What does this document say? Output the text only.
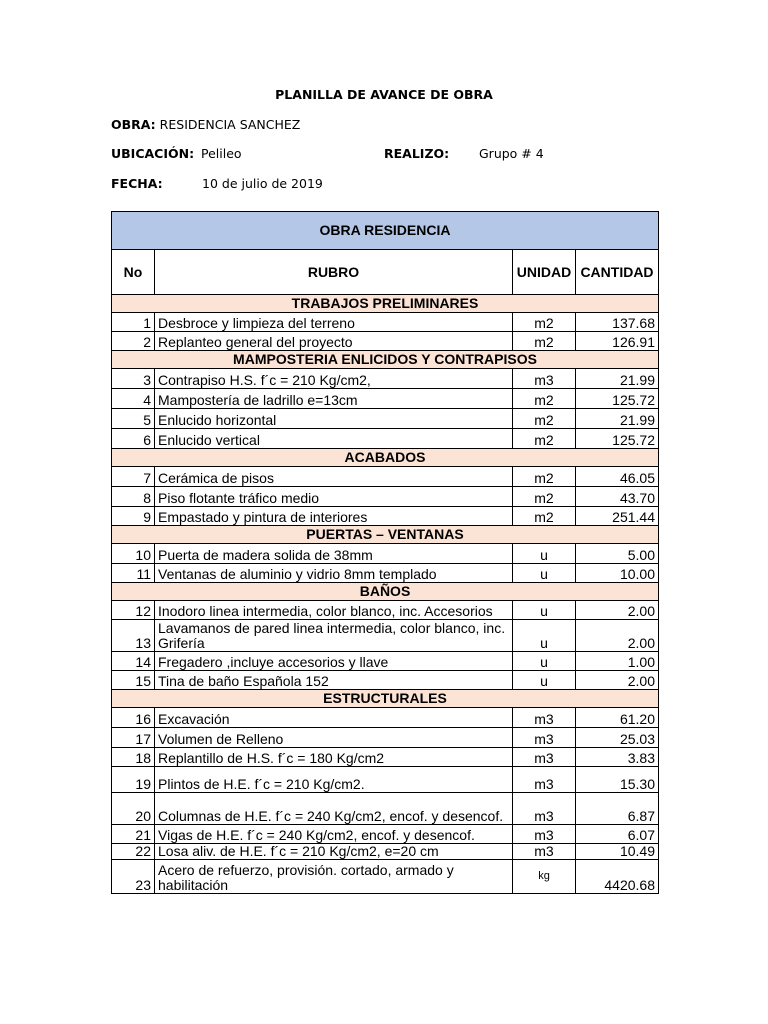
PLANILLA DE AVANCE DE OBRA
OBRA: RESIDENCIA SANCHEZ
UBICACIÓN: Pelileo	REALIZO: Grupo # 4
FECHA:	10 de julio de 2019
OBRA RESIDENCIA			
No	RUBRO	UNIDAD	CANTIDAD
TRABAJOS PRELIMINARES			
1	Desbroce y limpieza del terreno	m2	137.68
2	Replanteo general del proyecto	m2	126.91
MAMPOSTERIA ENLICIDOS Y CONTRAPISOS			
3	Contrapiso H.S. f´c = 210 Kg/cm2,	m3	21.99
4	Mampostería de ladrillo e=13cm	m2	125.72
5	Enlucido horizontal	m2	21.99
6	Enlucido vertical	m2	125.72
ACABADOS			
7	Cerámica de pisos	m2	46.05
8	Piso flotante tráfico medio	m2	43.70
9	Empastado y pintura de interiores	m2	251.44
PUERTAS – VENTANAS			
10	Puerta de madera solida de 38mm	u	5.00
11	Ventanas de aluminio y vidrio 8mm templado	u	10.00
BAÑOS			
12	Inodoro linea intermedia, color blanco, inc. Accesorios	u	2.00
13	Lavamanos de pared linea intermedia, color blanco, inc. Grifería	u	2.00
14	Fregadero ,incluye accesorios y llave	u	1.00
15	Tina de baño Española 152	u	2.00
ESTRUCTURALES			
16	Excavación	m3	61.20
17	Volumen de Relleno	m3	25.03
18	Replantillo de H.S. f´c = 180 Kg/cm2	m3	3.83
19	Plintos de H.E. f´c = 210 Kg/cm2.	m3	15.30
20	Columnas de H.E. f´c = 240 Kg/cm2, encof. y desencof.	m3	6.87
21	Vigas de H.E. f´c = 240 Kg/cm2, encof. y desencof.	m3	6.07
22	Losa aliv. de H.E. f´c = 210 Kg/cm2, e=20 cm	m3	10.49
23	Acero de refuerzo, provisión. cortado, armado y habilitación	kg	4420.68
